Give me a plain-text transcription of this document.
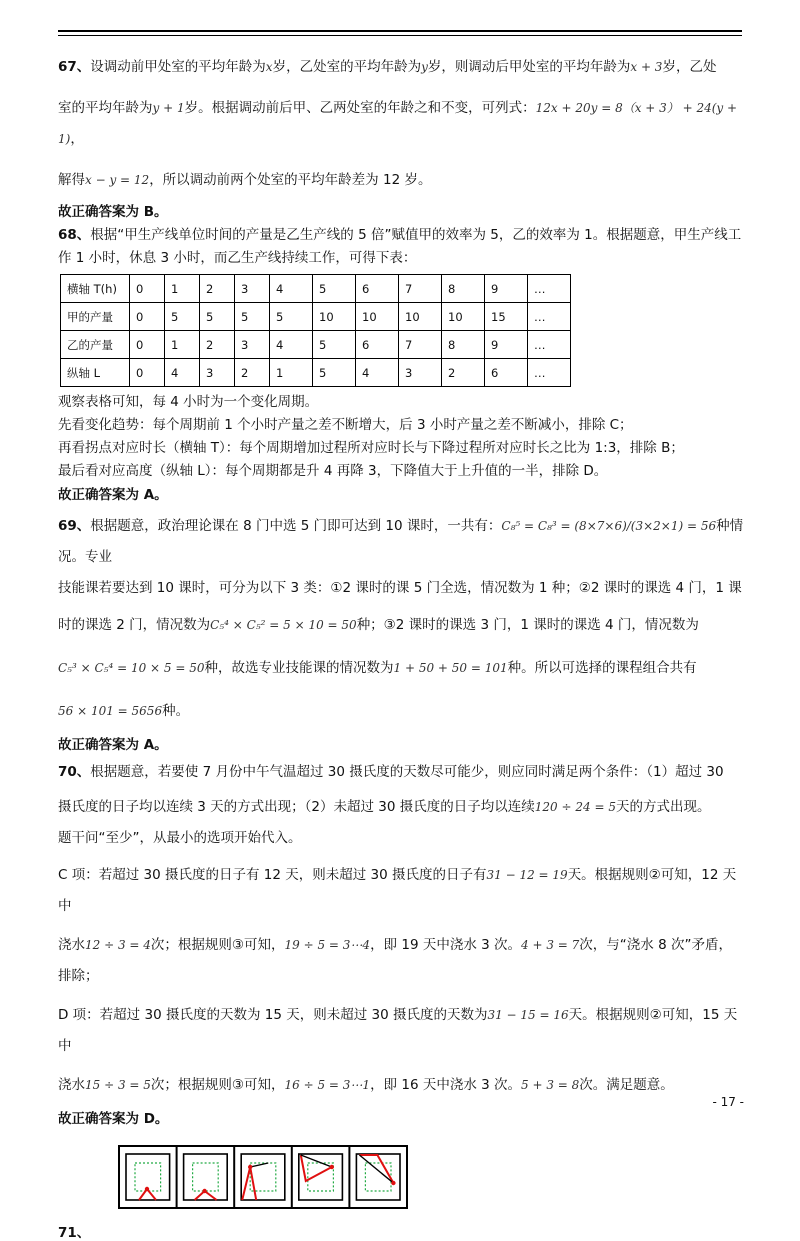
67、设调动前甲处室的平均年龄为x岁，乙处室的平均年龄为y岁，则调动后甲处室的平均年龄为x + 3岁，乙处

室的平均年龄为y + 1岁。根据调动前后甲、乙两处室的年龄之和不变，可列式：12x + 20y = 8（x + 3） + 24(y + 1)，

解得x − y = 12，所以调动前两个处室的平均年龄差为 12 岁。

故正确答案为 B。

68、根据“甲生产线单位时间的产量是乙生产线的 5 倍”赋值甲的效率为 5，乙的效率为 1。根据题意，甲生产线工作 1 小时，休息 3 小时，而乙生产线持续工作，可得下表：

横轴 T(h)	0	1	2	3	4	5	6	7	8	9	…
甲的产量	0	5	5	5	5	10	10	10	10	15	…
乙的产量	0	1	2	3	4	5	6	7	8	9	…
纵轴 L	0	4	3	2	1	5	4	3	2	6	…

观察表格可知，每 4 小时为一个变化周期。

先看变化趋势：每个周期前 1 个小时产量之差不断增大，后 3 小时产量之差不断减小，排除 C；

再看拐点对应时长（横轴 T）：每个周期增加过程所对应时长与下降过程所对应时长之比为 1:3，排除 B；

最后看对应高度（纵轴 L）：每个周期都是升 4 再降 3，下降值大于上升值的一半，排除 D。

故正确答案为 A。

69、根据题意，政治理论课在 8 门中选 5 门即可达到 10 课时，一共有：C₈⁵ = C₈³ = (8×7×6)/(3×2×1) = 56种情况。专业

技能课若要达到 10 课时，可分为以下 3 类：①2 课时的课 5 门全选，情况数为 1 种；②2 课时的课选 4 门，1 课

时的课选 2 门，情况数为C₅⁴ × C₅² = 5 × 10 = 50种；③2 课时的课选 3 门，1 课时的课选 4 门，情况数为

C₅³ × C₅⁴ = 10 × 5 = 50种，故选专业技能课的情况数为1 + 50 + 50 = 101种。所以可选择的课程组合共有

56 × 101 = 5656种。

故正确答案为 A。

70、根据题意，若要使 7 月份中午气温超过 30 摄氏度的天数尽可能少，则应同时满足两个条件：（1）超过 30

摄氏度的日子均以连续 3 天的方式出现；（2）未超过 30 摄氏度的日子均以连续120 ÷ 24 = 5天的方式出现。

题干问“至少”，从最小的选项开始代入。

C 项：若超过 30 摄氏度的日子有 12 天，则未超过 30 摄氏度的日子有31 − 12 = 19天。根据规则②可知，12 天中

浇水12 ÷ 3 = 4次；根据规则③可知，19 ÷ 5 = 3⋯4，即 19 天中浇水 3 次。4 + 3 = 7次，与“浇水 8 次”矛盾，

排除；

D 项：若超过 30 摄氏度的天数为 15 天，则未超过 30 摄氏度的天数为31 − 15 = 16天。根据规则②可知，15 天中

浇水15 ÷ 3 = 5次；根据规则③可知，16 ÷ 5 = 3⋯1，即 16 天中浇水 3 次。5 + 3 = 8次。满足题意。

故正确答案为 D。

71、

- 17 -
